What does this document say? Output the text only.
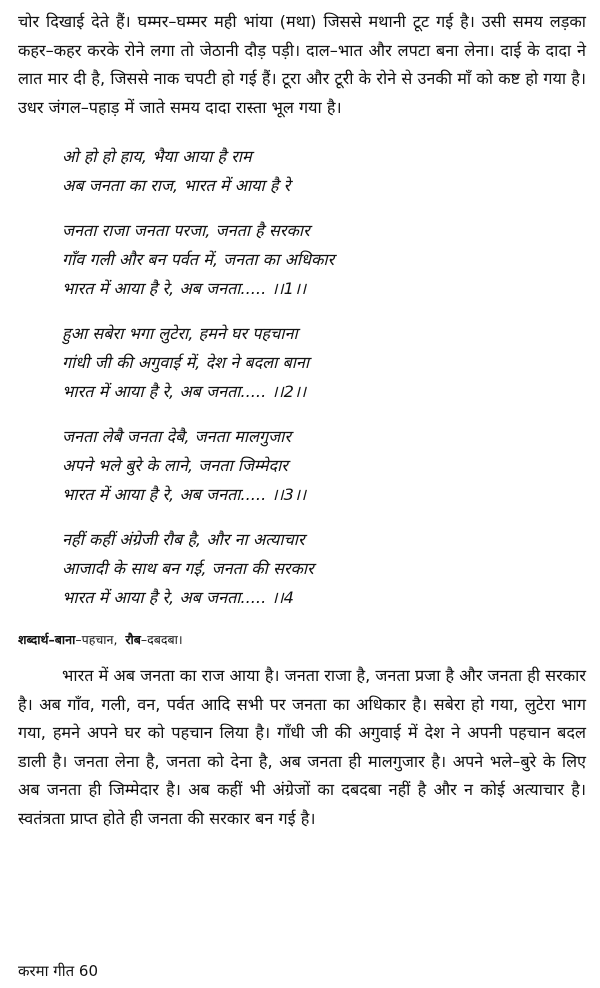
चोर दिखाई देते हैं। घम्मर–घम्मर मही भांया (मथा) जिससे मथानी टूट गई है। उसी समय लड़का कहर–कहर करके रोने लगा तो जेठानी दौड़ पड़ी। दाल–भात और लपटा बना लेना। दाई के दादा ने लात मार दी है, जिससे नाक चपटी हो गई हैं। टूरा और टूरी के रोने से उनकी माँ को कष्ट हो गया है। उधर जंगल–पहाड़ में जाते समय दादा रास्ता भूल गया है।

ओ हो हो हाय, भैया आया है राम
अब जनता का राज, भारत में आया है रे
जनता राजा जनता परजा, जनता है सरकार
गाँव गली और बन पर्वत में, जनता का अधिकार
भारत में आया है रे, अब जनता..... ।।1।।
हुआ सबेरा भगा लुटेरा, हमने घर पहचाना
गांधी जी की अगुवाई में, देश ने बदला बाना
भारत में आया है रे, अब जनता..... ।।2।।
जनता लेबै जनता देबै, जनता मालगुजार
अपने भले बुरे के लाने, जनता जिम्मेदार
भारत में आया है रे, अब जनता..... ।।3।।
नहीं कहीं अंग्रेजी रौब है, और ना अत्याचार
आजादी के साथ बन गई, जनता की सरकार
भारत में आया है रे, अब जनता..... ।।4
शब्दार्थ–बाना–पहचान, रौब–दबदबा।

भारत में अब जनता का राज आया है। जनता राजा है, जनता प्रजा है और जनता ही सरकार है। अब गाँव, गली, वन, पर्वत आदि सभी पर जनता का अधिकार है। सबेरा हो गया, लुटेरा भाग गया, हमने अपने घर को पहचान लिया है। गाँधी जी की अगुवाई में देश ने अपनी पहचान बदल डाली है। जनता लेना है, जनता को देना है, अब जनता ही मालगुजार है। अपने भले–बुरे के लिए अब जनता ही जिम्मेदार है। अब कहीं भी अंग्रेजों का दबदबा नहीं है और न कोई अत्याचार है। स्वतंत्रता प्राप्त होते ही जनता की सरकार बन गई है।

करमा गीत 60
